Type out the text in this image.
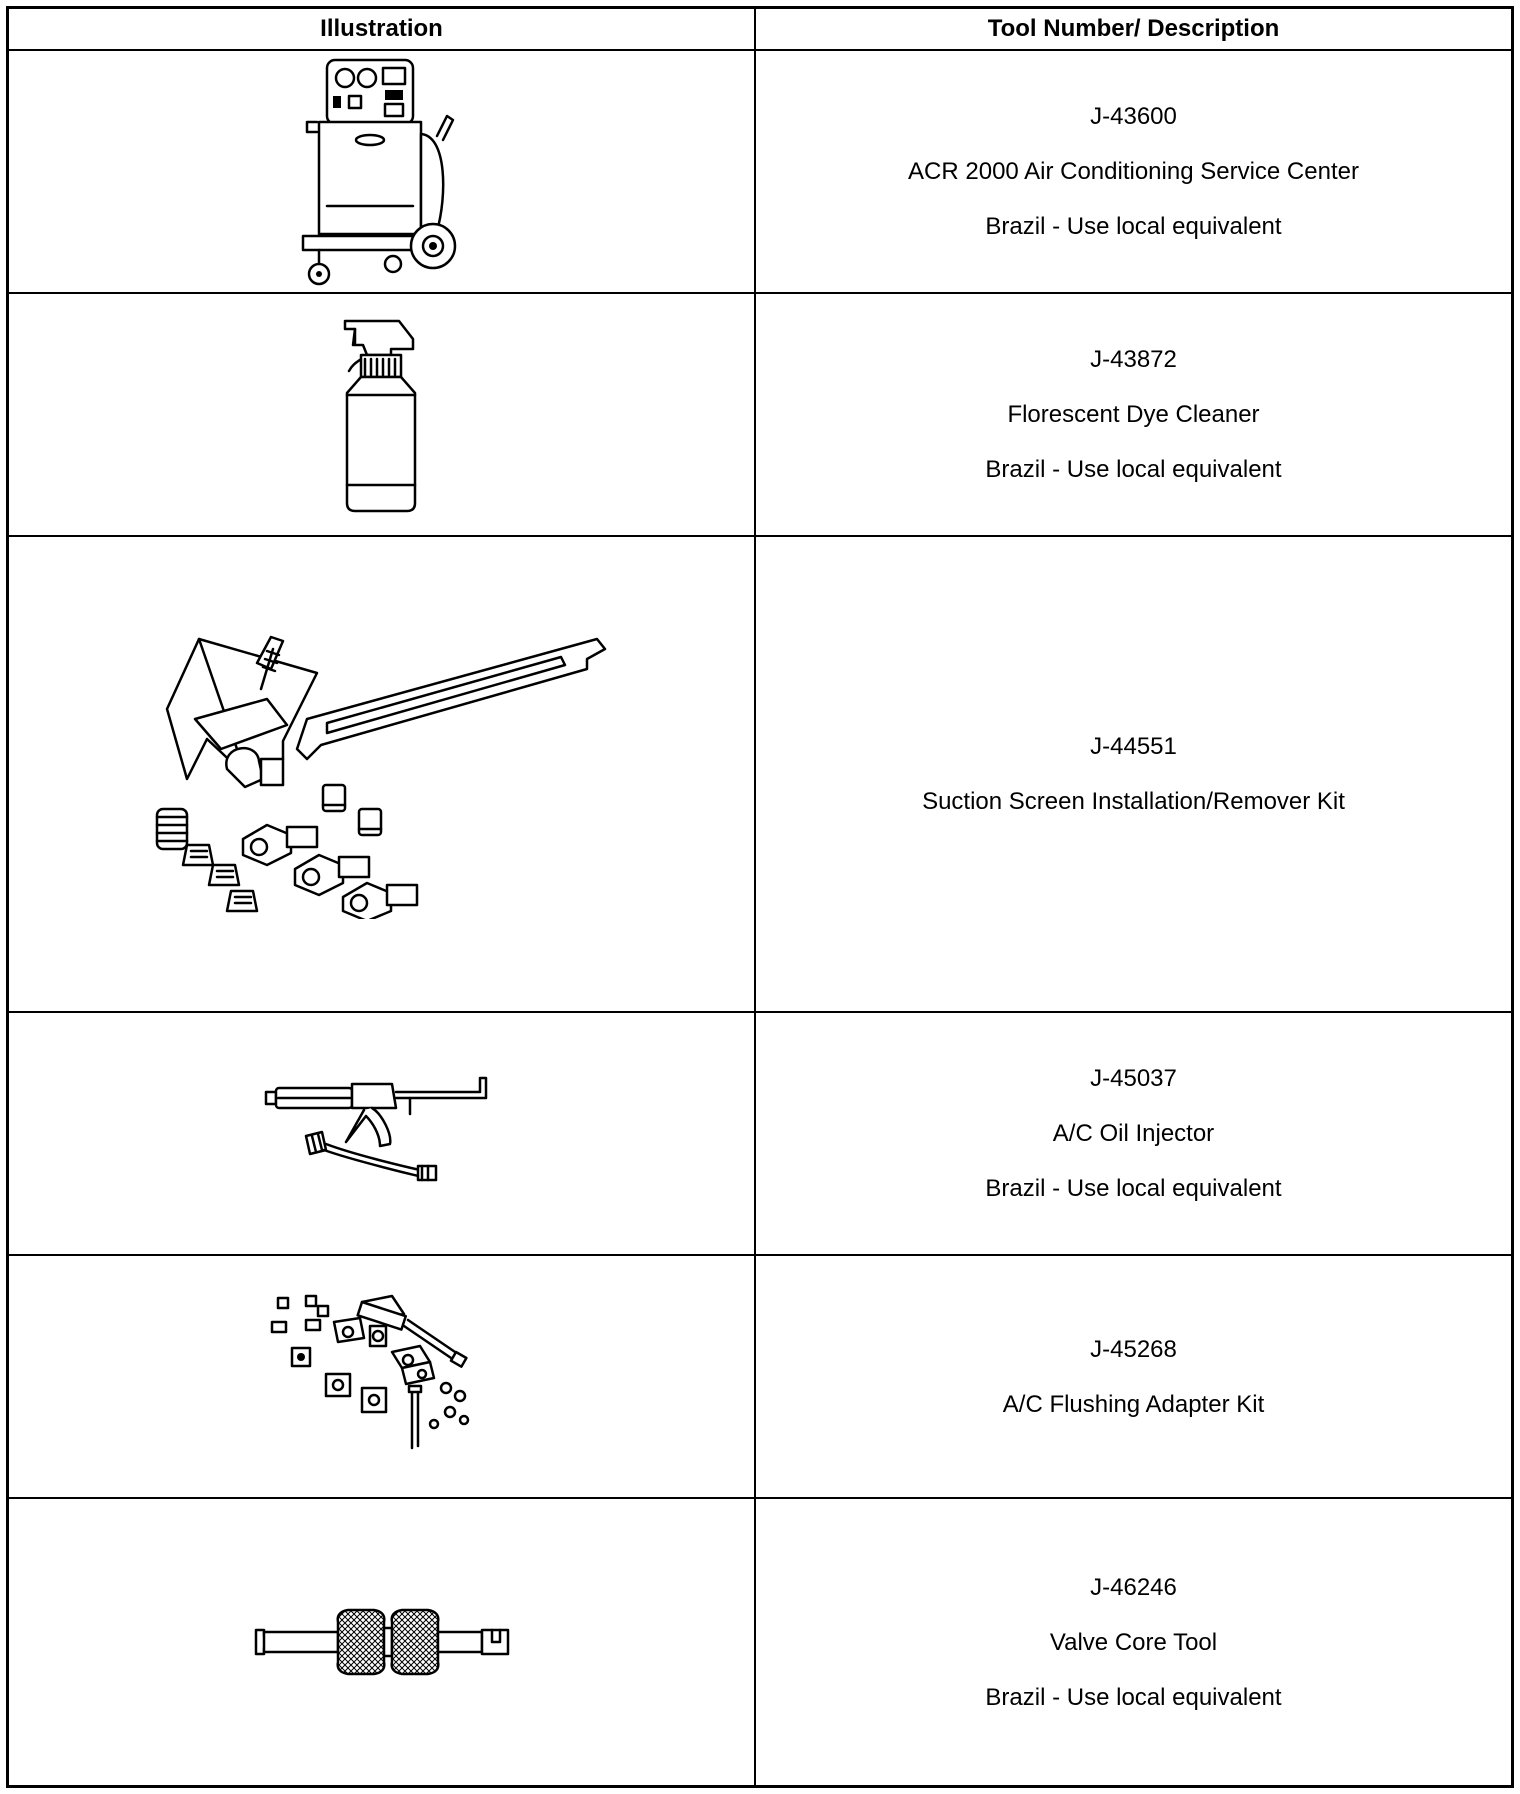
Illustration	Tool Number/ Description
J-43600
ACR 2000 Air Conditioning Service Center
Brazil - Use local equivalent
J-43872
Florescent Dye Cleaner
Brazil - Use local equivalent
J-44551
Suction Screen Installation/Remover Kit
J-45037
A/C Oil Injector
Brazil - Use local equivalent
J-45268
A/C Flushing Adapter Kit
J-46246
Valve Core Tool
Brazil - Use local equivalent
